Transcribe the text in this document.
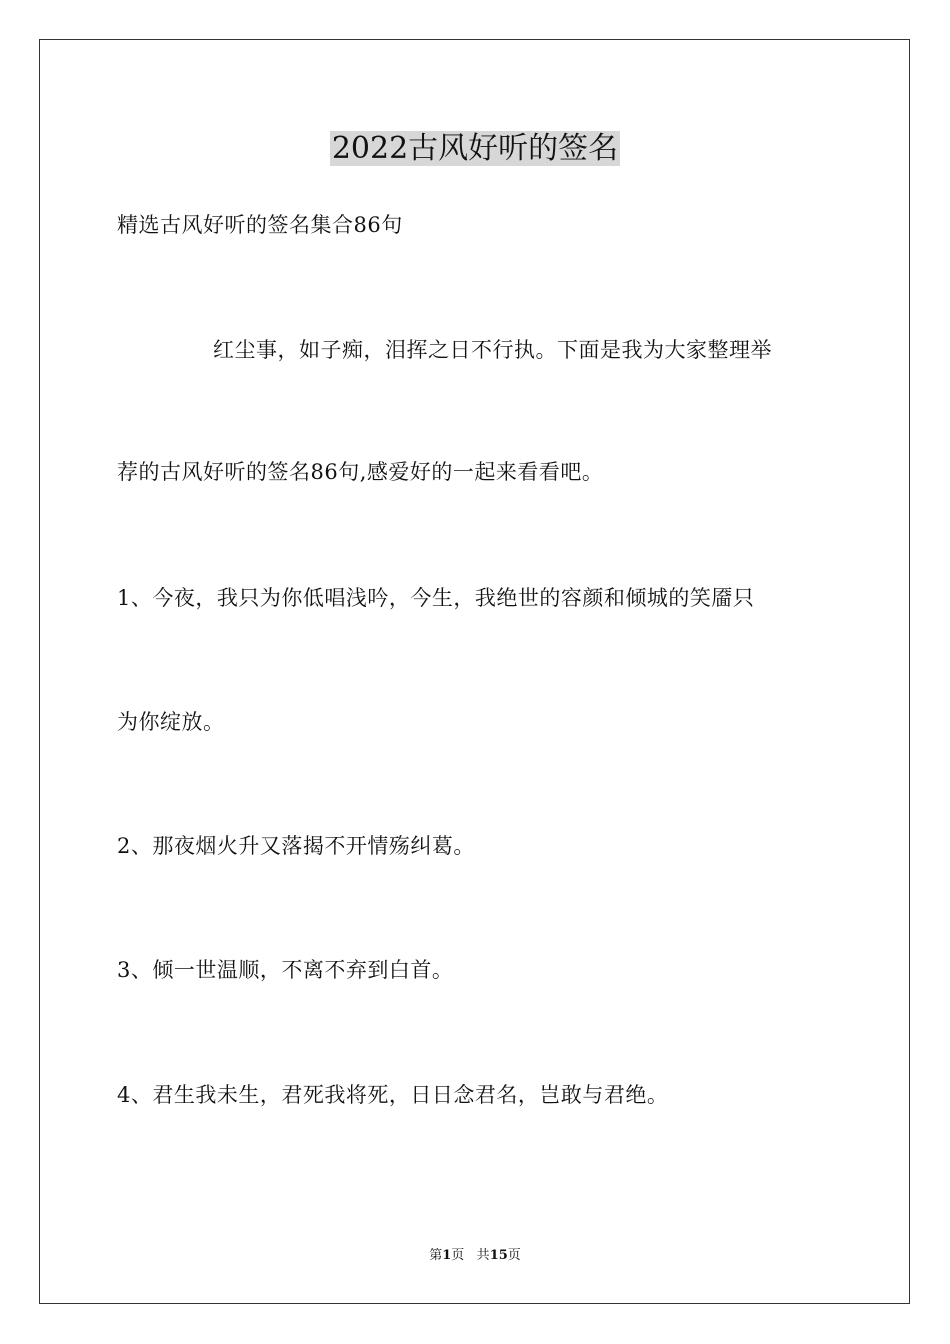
2022古风好听的签名
精选古风好听的签名集合86句
红尘事，如子痴，泪挥之日不行执。下面是我为大家整理举
荐的古风好听的签名86句,感爱好的一起来看看吧。
1、今夜，我只为你低唱浅吟，今生，我绝世的容颜和倾城的笑靥只
为你绽放。
2、那夜烟火升又落揭不开情殇纠葛。
3、倾一世温顺，不离不弃到白首。
4、君生我未生，君死我将死，日日念君名，岂敢与君绝。
第1页 共15页
